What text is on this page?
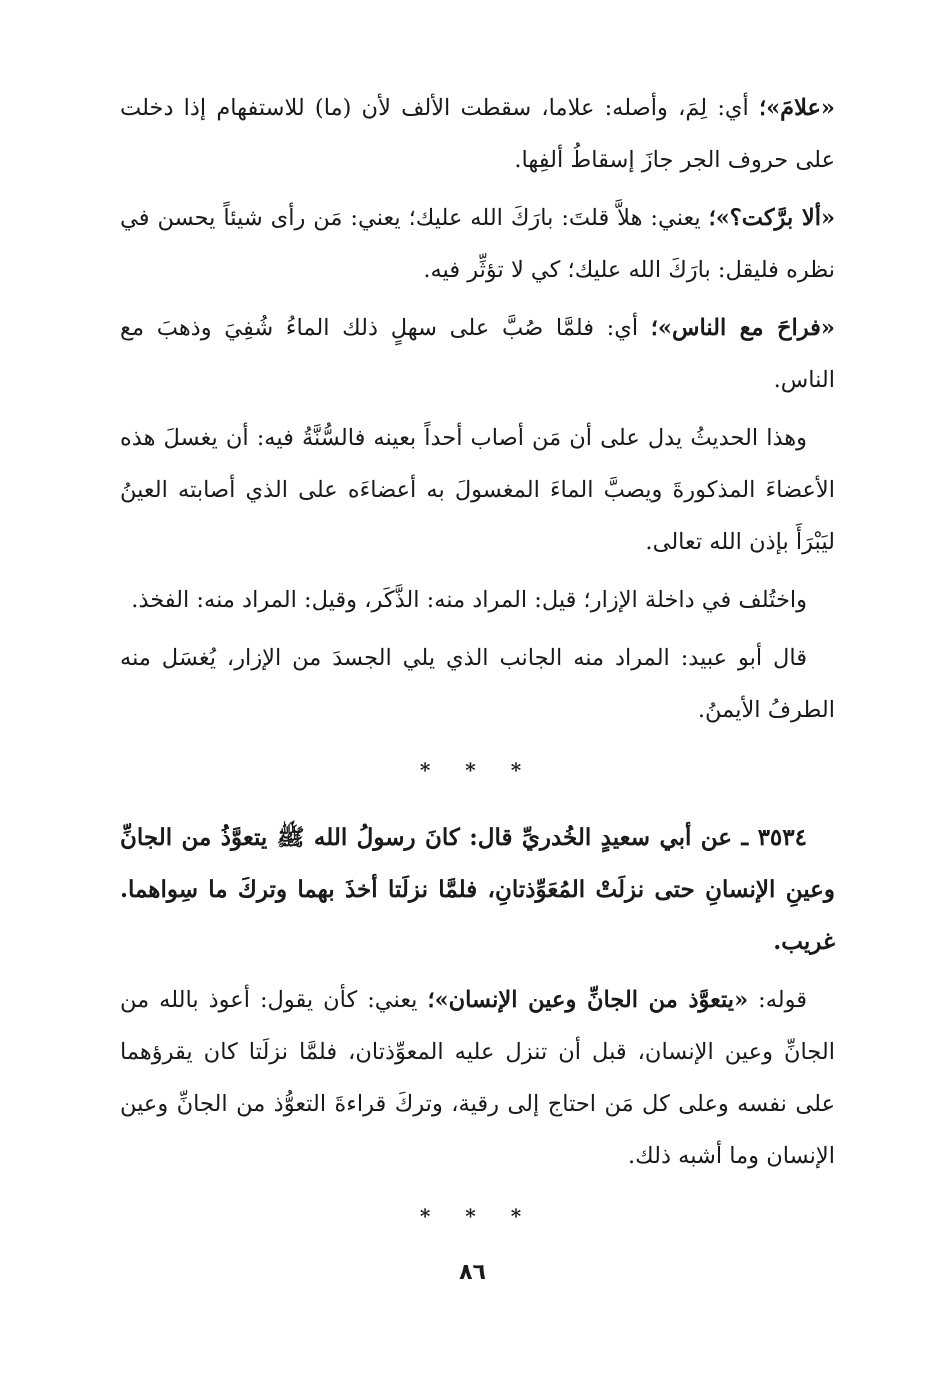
«علامَ»؛ أي: لِمَ، وأصله: علاما، سقطت الألف لأن (ما) للاستفهام إذا دخلت على حروف الجر جازَ إسقاطُ ألفِها.

«ألا برَّكت؟»؛ يعني: هلاَّ قلتَ: بارَكَ الله عليك؛ يعني: مَن رأى شيئاً يحسن في نظره فليقل: بارَكَ الله عليك؛ كي لا تؤثِّر فيه.

«فراحَ مع الناس»؛ أي: فلمَّا صُبَّ على سهلٍ ذلك الماءُ شُفِيَ وذهبَ مع الناس.

وهذا الحديثُ يدل على أن مَن أصاب أحداً بعينه فالسُّنَّةُ فيه: أن يغسلَ هذه الأعضاءَ المذكورةَ ويصبَّ الماءَ المغسولَ به أعضاءَه على الذي أصابته العينُ ليَبْرَأَ بإذن الله تعالى.

واختُلف في داخلة الإزار؛ قيل: المراد منه: الذَّكَر، وقيل: المراد منه: الفخذ.

قال أبو عبيد: المراد منه الجانب الذي يلي الجسدَ من الإزار، يُغسَل منه الطرفُ الأيمنُ.

* * *

٣٥٣٤ ـ عن أبي سعيدٍ الخُدريِّ قال: كانَ رسولُ الله ﷺ يتعوَّذُ من الجانِّ وعينِ الإنسانِ حتى نزلَتْ المُعَوِّذتانِ، فلمَّا نزلَتا أخذَ بهما وتركَ ما سِواهما. غريب.

قوله: «يتعوَّذ من الجانِّ وعين الإنسان»؛ يعني: كأن يقول: أعوذ بالله من الجانِّ وعين الإنسان، قبل أن تنزل عليه المعوِّذتان، فلمَّا نزلَتا كان يقرؤهما على نفسه وعلى كل مَن احتاج إلى رقية، وتركَ قراءةَ التعوُّذ من الجانِّ وعين الإنسان وما أشبه ذلك.

* * *
٨٦
